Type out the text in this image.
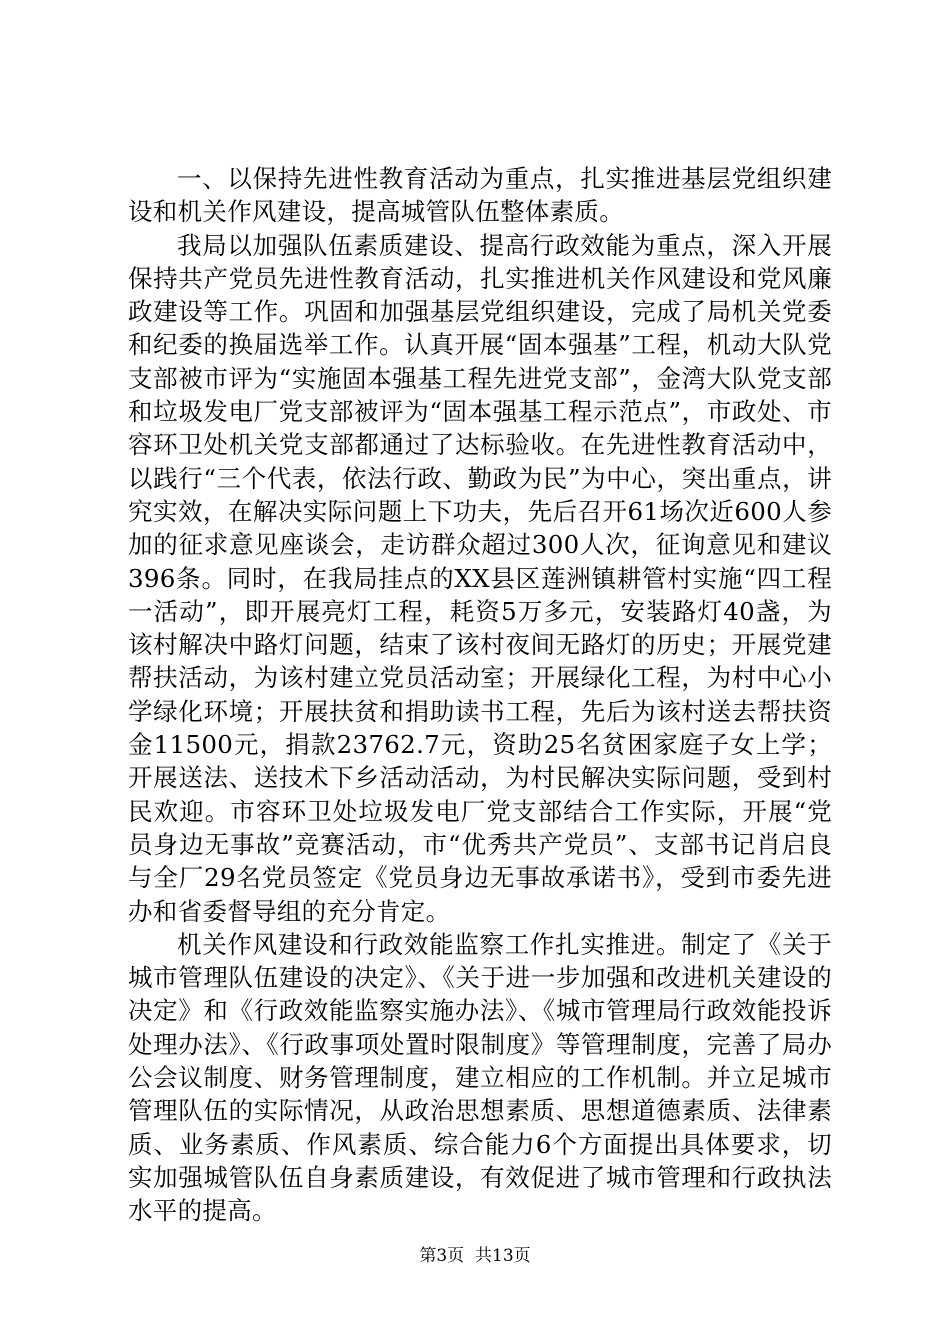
一、以保持先进性教育活动为重点，扎实推进基层党组织建设和机关作风建设，提高城管队伍整体素质。

我局以加强队伍素质建设、提高行政效能为重点，深入开展保持共产党员先进性教育活动，扎实推进机关作风建设和党风廉政建设等工作。巩固和加强基层党组织建设，完成了局机关党委和纪委的换届选举工作。认真开展“固本强基”工程，机动大队党支部被市评为“实施固本强基工程先进党支部”，金湾大队党支部和垃圾发电厂党支部被评为“固本强基工程示范点”，市政处、市容环卫处机关党支部都通过了达标验收。在先进性教育活动中，以践行“三个代表，依法行政、勤政为民”为中心，突出重点，讲究实效，在解决实际问题上下功夫，先后召开61场次近600人参加的征求意见座谈会，走访群众超过300人次，征询意见和建议396条。同时，在我局挂点的XX县区莲洲镇耕管村实施“四工程一活动”，即开展亮灯工程，耗资5万多元，安装路灯40盏，为该村解决中路灯问题，结束了该村夜间无路灯的历史；开展党建帮扶活动，为该村建立党员活动室；开展绿化工程，为村中心小学绿化环境；开展扶贫和捐助读书工程，先后为该村送去帮扶资金11500元，捐款23762.7元，资助25名贫困家庭子女上学；开展送法、送技术下乡活动活动，为村民解决实际问题，受到村民欢迎。市容环卫处垃圾发电厂党支部结合工作实际，开展“党员身边无事故”竞赛活动，市“优秀共产党员”、支部书记肖启良与全厂29名党员签定《党员身边无事故承诺书》，受到市委先进办和省委督导组的充分肯定。

机关作风建设和行政效能监察工作扎实推进。制定了《关于城市管理队伍建设的决定》、《关于进一步加强和改进机关建设的决定》和《行政效能监察实施办法》、《城市管理局行政效能投诉处理办法》、《行政事项处置时限制度》等管理制度，完善了局办公会议制度、财务管理制度，建立相应的工作机制。并立足城市管理队伍的实际情况，从政治思想素质、思想道德素质、法律素质、业务素质、作风素质、综合能力6个方面提出具体要求，切实加强城管队伍自身素质建设，有效促进了城市管理和行政执法水平的提高。

第3页 共13页
